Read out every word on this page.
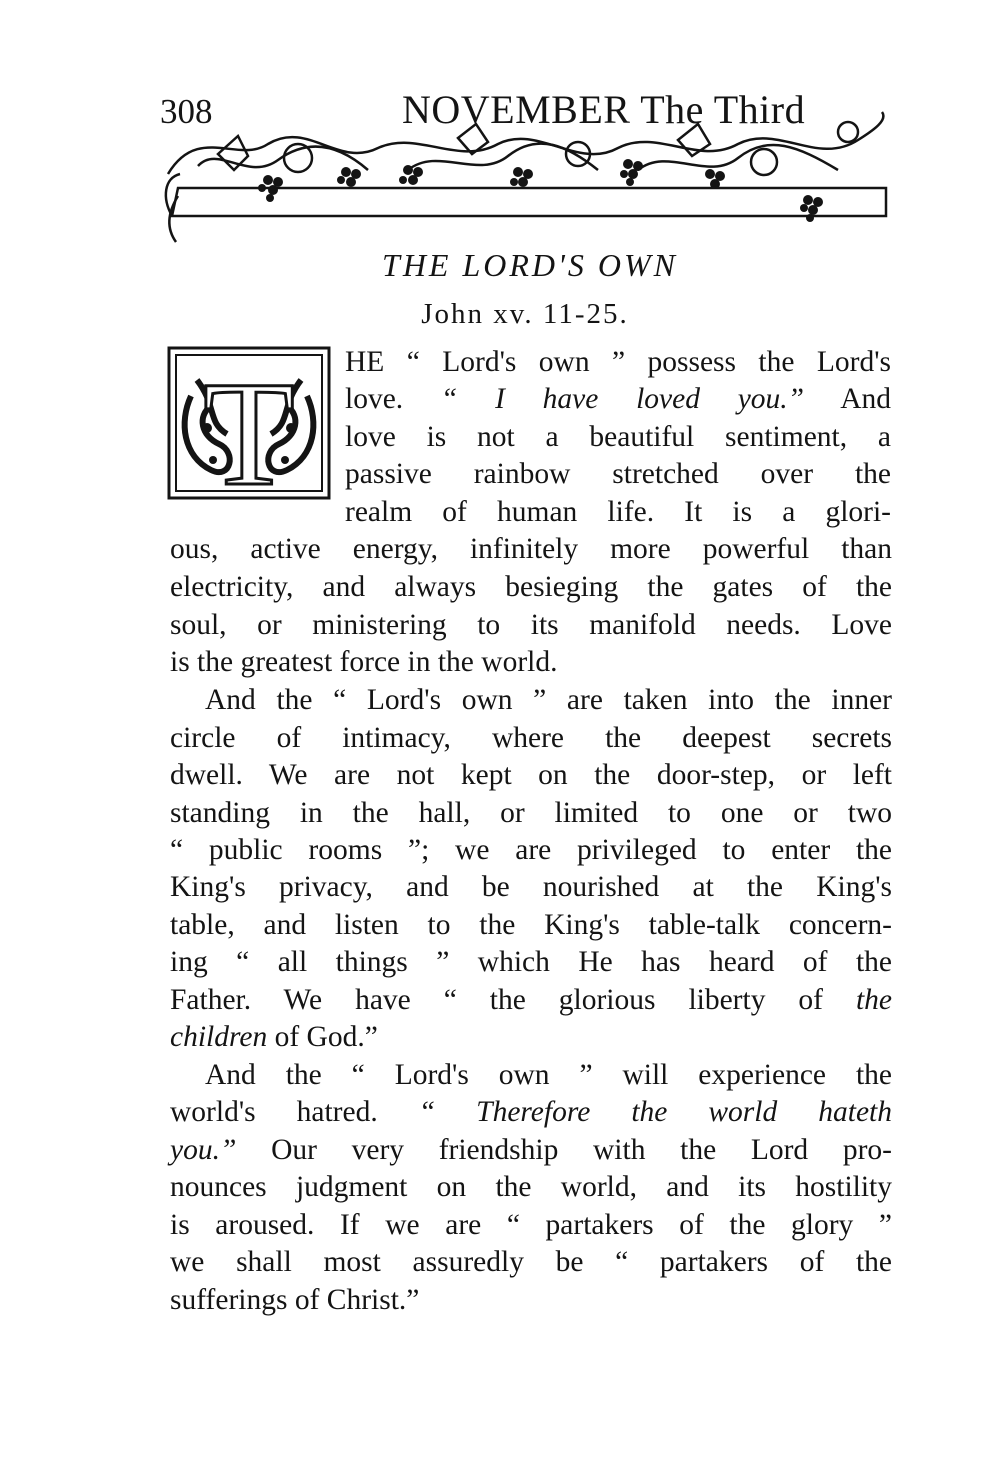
308	NOVEMBER The Third
THE LORD'S OWN
John xv. 11-25.
T HE “ Lord's own ” possess the Lord's
love. “ I have loved you.” And
love is not a beautiful sentiment, a
passive rainbow stretched over the
realm of human life. It is a glori-
ous, active energy, infinitely more powerful than
electricity, and always besieging the gates of the
soul, or ministering to its manifold needs. Love
is the greatest force in the world.
And the “ Lord's own ” are taken into the inner
circle of intimacy, where the deepest secrets
dwell. We are not kept on the door-step, or left
standing in the hall, or limited to one or two
“ public rooms ”; we are privileged to enter the
King's privacy, and be nourished at the King's
table, and listen to the King's table-talk concern-
ing “ all things ” which He has heard of the
Father. We have “ the glorious liberty of the
children of God.”
And the “ Lord's own ” will experience the
world's hatred. “ Therefore the world hateth
you.” Our very friendship with the Lord pro-
nounces judgment on the world, and its hostility
is aroused. If we are “ partakers of the glory ”
we shall most assuredly be “ partakers of the
sufferings of Christ.”
